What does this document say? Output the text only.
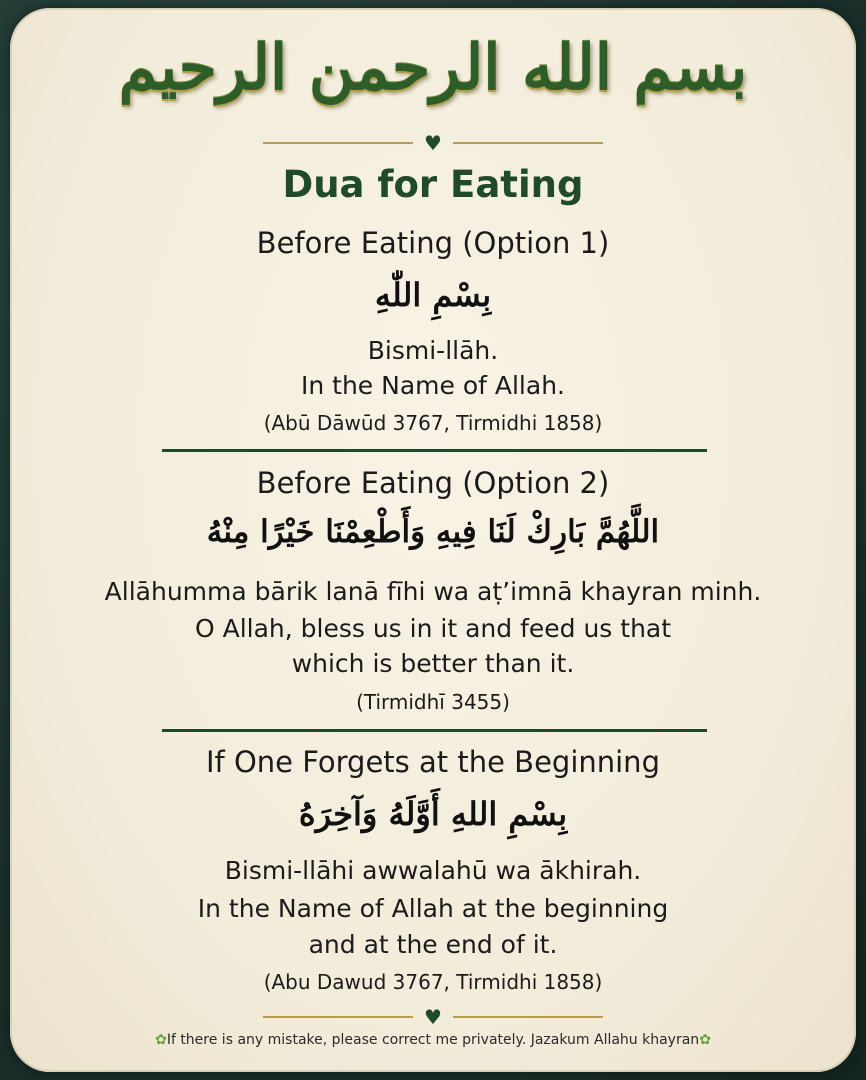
بسم الله الرحمن الرحيم
♥
Dua for Eating
Before Eating (Option 1)
بِسْمِ اللّٰهِ
Bismi-llāh.
In the Name of Allah.
(Abū Dāwūd 3767, Tirmidhi 1858)
Before Eating (Option 2)
اللَّهُمَّ بَارِكْ لَنَا فِيهِ وَأَطْعِمْنَا خَيْرًا مِنْهُ
Allāhumma bārik lanā fīhi wa aṭ’imnā khayran minh.
O Allah, bless us in it and feed us that
which is better than it.
(Tirmidhī 3455)
If One Forgets at the Beginning
بِسْمِ اللهِ أَوَّلَهُ وَآخِرَهُ
Bismi-llāhi awwalahū wa ākhirah.
In the Name of Allah at the beginning
and at the end of it.
(Abu Dawud 3767, Tirmidhi 1858)
♥
✿If there is any mistake, please correct me privately. Jazakum Allahu khayran✿
